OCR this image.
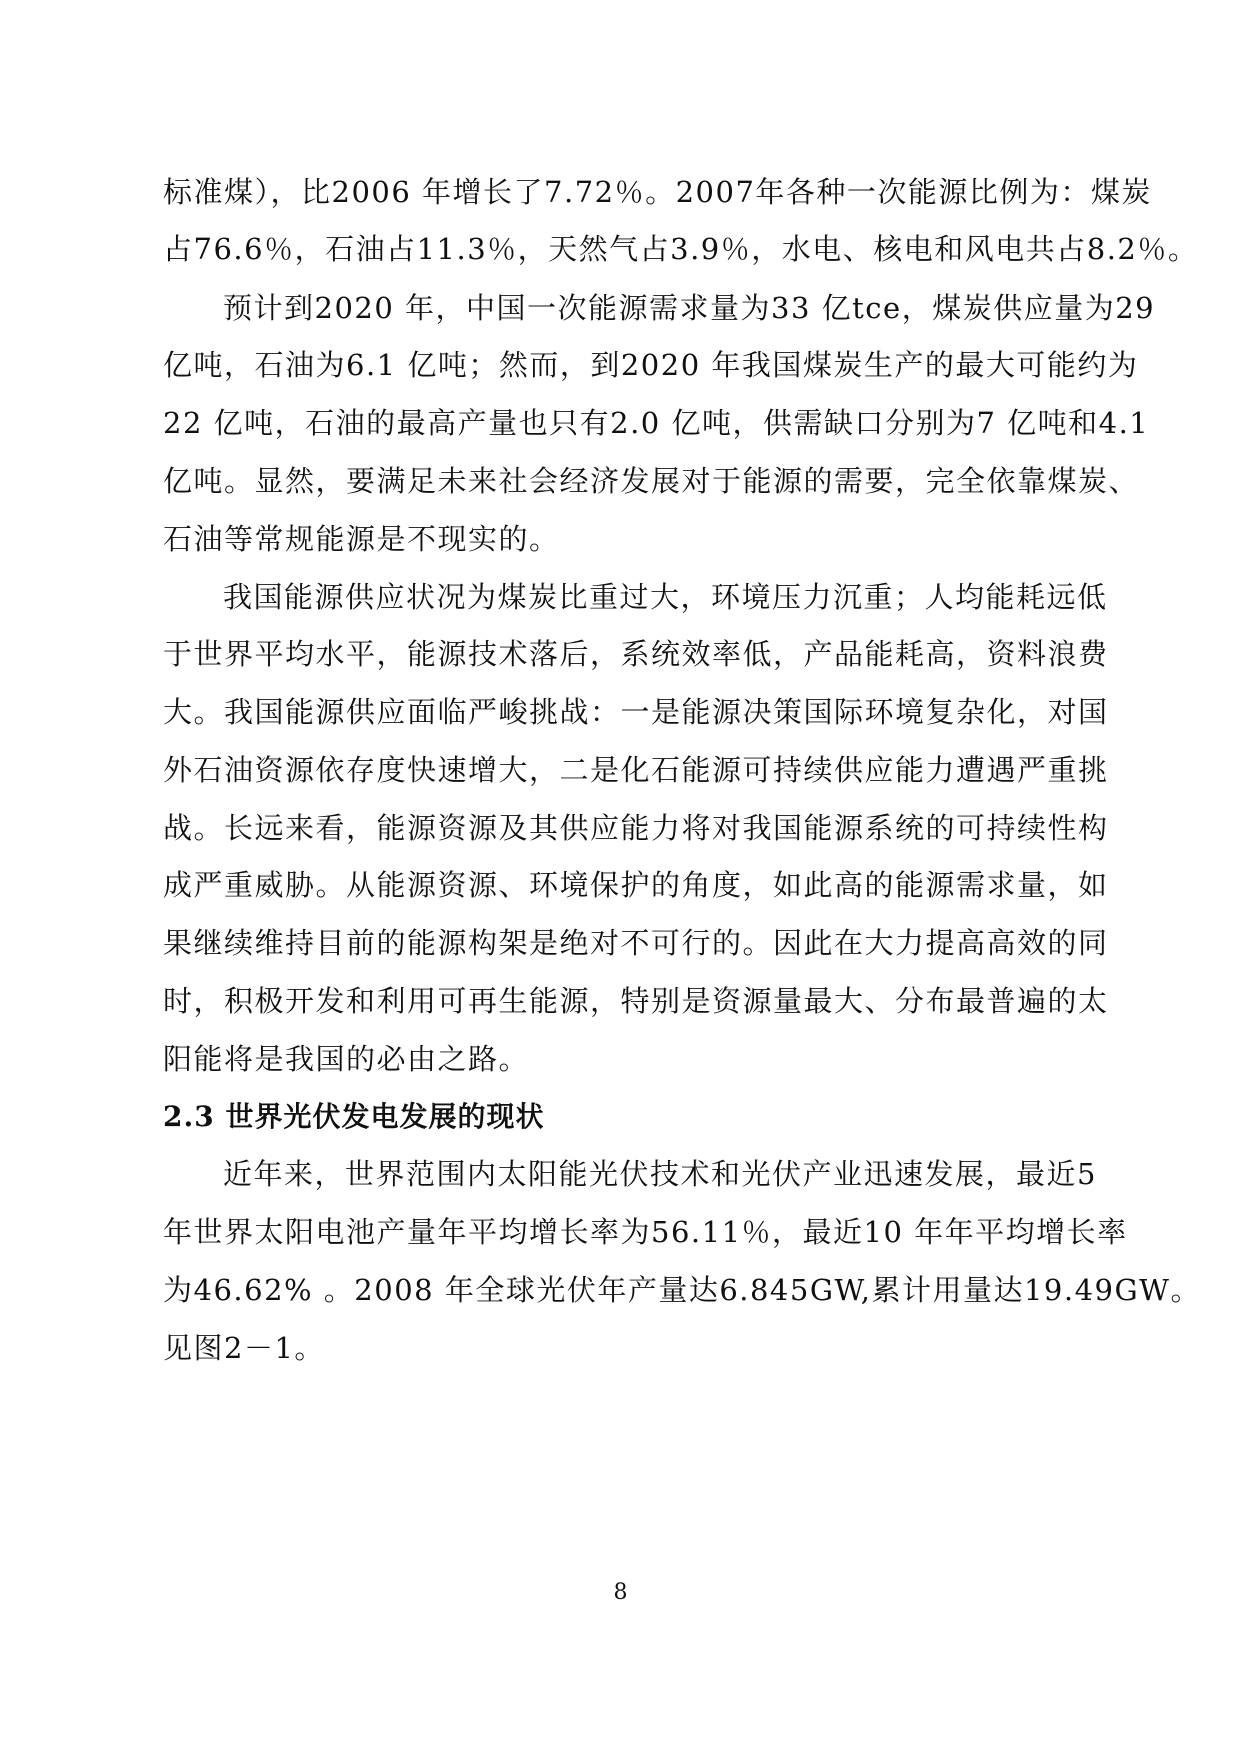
标准煤），比2006 年增长了7.72％。2007年各种一次能源比例为：煤炭
占76.6％，石油占11.3％，天然气占3.9％，水电、核电和风电共占8.2％。
预计到2020 年，中国一次能源需求量为33 亿tce，煤炭供应量为29
亿吨，石油为6.1 亿吨；然而，到2020 年我国煤炭生产的最大可能约为
22 亿吨，石油的最高产量也只有2.0 亿吨，供需缺口分别为7 亿吨和4.1
亿吨。显然，要满足未来社会经济发展对于能源的需要，完全依靠煤炭、
石油等常规能源是不现实的。
我国能源供应状况为煤炭比重过大，环境压力沉重；人均能耗远低
于世界平均水平，能源技术落后，系统效率低，产品能耗高，资料浪费
大。我国能源供应面临严峻挑战：一是能源决策国际环境复杂化，对国
外石油资源依存度快速增大，二是化石能源可持续供应能力遭遇严重挑
战。长远来看，能源资源及其供应能力将对我国能源系统的可持续性构
成严重威胁。从能源资源、环境保护的角度，如此高的能源需求量，如
果继续维持目前的能源构架是绝对不可行的。因此在大力提高高效的同
时，积极开发和利用可再生能源，特别是资源量最大、分布最普遍的太
阳能将是我国的必由之路。
2.3 世界光伏发电发展的现状
近年来，世界范围内太阳能光伏技术和光伏产业迅速发展，最近5
年世界太阳电池产量年平均增长率为56.11％，最近10 年年平均增长率
为46.62% 。2008 年全球光伏年产量达6.845GW,累计用量达19.49GW。
见图2－1。
8
